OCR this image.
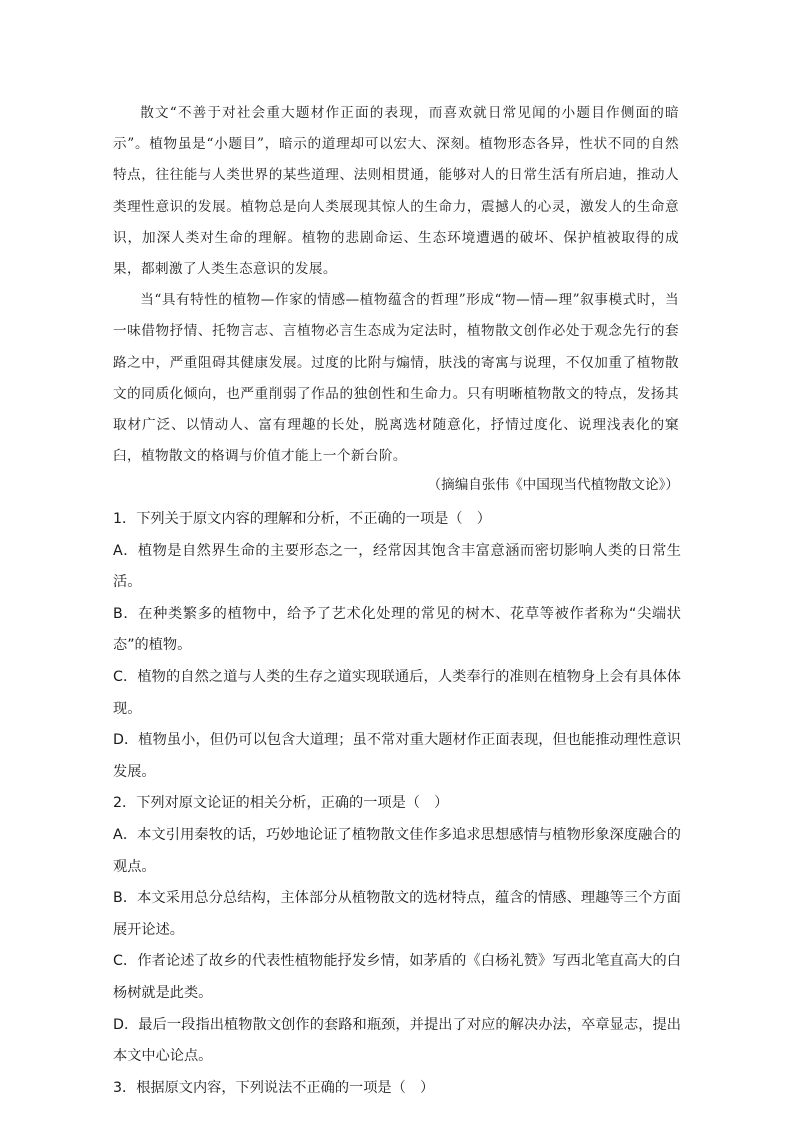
散文“不善于对社会重大题材作正面的表现，而喜欢就日常见闻的小题目作侧面的暗示”。植物虽是“小题目”，暗示的道理却可以宏大、深刻。植物形态各异，性状不同的自然特点，往往能与人类世界的某些道理、法则相贯通，能够对人的日常生活有所启迪，推动人类理性意识的发展。植物总是向人类展现其惊人的生命力，震撼人的心灵，激发人的生命意识，加深人类对生命的理解。植物的悲剧命运、生态环境遭遇的破坏、保护植被取得的成果，都刺激了人类生态意识的发展。

当“具有特性的植物—作家的情感—植物蕴含的哲理”形成“物—情—理”叙事模式时，当一味借物抒情、托物言志、言植物必言生态成为定法时，植物散文创作必处于观念先行的套路之中，严重阻碍其健康发展。过度的比附与煽情，肤浅的寄寓与说理，不仅加重了植物散文的同质化倾向，也严重削弱了作品的独创性和生命力。只有明晰植物散文的特点，发扬其取材广泛、以情动人、富有理趣的长处，脱离选材随意化，抒情过度化、说理浅表化的窠臼，植物散文的格调与价值才能上一个新台阶。

（摘编自张伟《中国现当代植物散文论》）

1．下列关于原文内容的理解和分析，不正确的一项是（　）

A．植物是自然界生命的主要形态之一，经常因其饱含丰富意涵而密切影响人类的日常生活。

B．在种类繁多的植物中，给予了艺术化处理的常见的树木、花草等被作者称为“尖端状态”的植物。

C．植物的自然之道与人类的生存之道实现联通后，人类奉行的准则在植物身上会有具体体现。

D．植物虽小，但仍可以包含大道理；虽不常对重大题材作正面表现，但也能推动理性意识发展。

2．下列对原文论证的相关分析，正确的一项是（　）

A．本文引用秦牧的话，巧妙地论证了植物散文佳作多追求思想感情与植物形象深度融合的观点。

B．本文采用总分总结构，主体部分从植物散文的选材特点，蕴含的情感、理趣等三个方面展开论述。

C．作者论述了故乡的代表性植物能抒发乡情，如茅盾的《白杨礼赞》写西北笔直高大的白杨树就是此类。

D．最后一段指出植物散文创作的套路和瓶颈，并提出了对应的解决办法，卒章显志，提出本文中心论点。

3．根据原文内容，下列说法不正确的一项是（　）
